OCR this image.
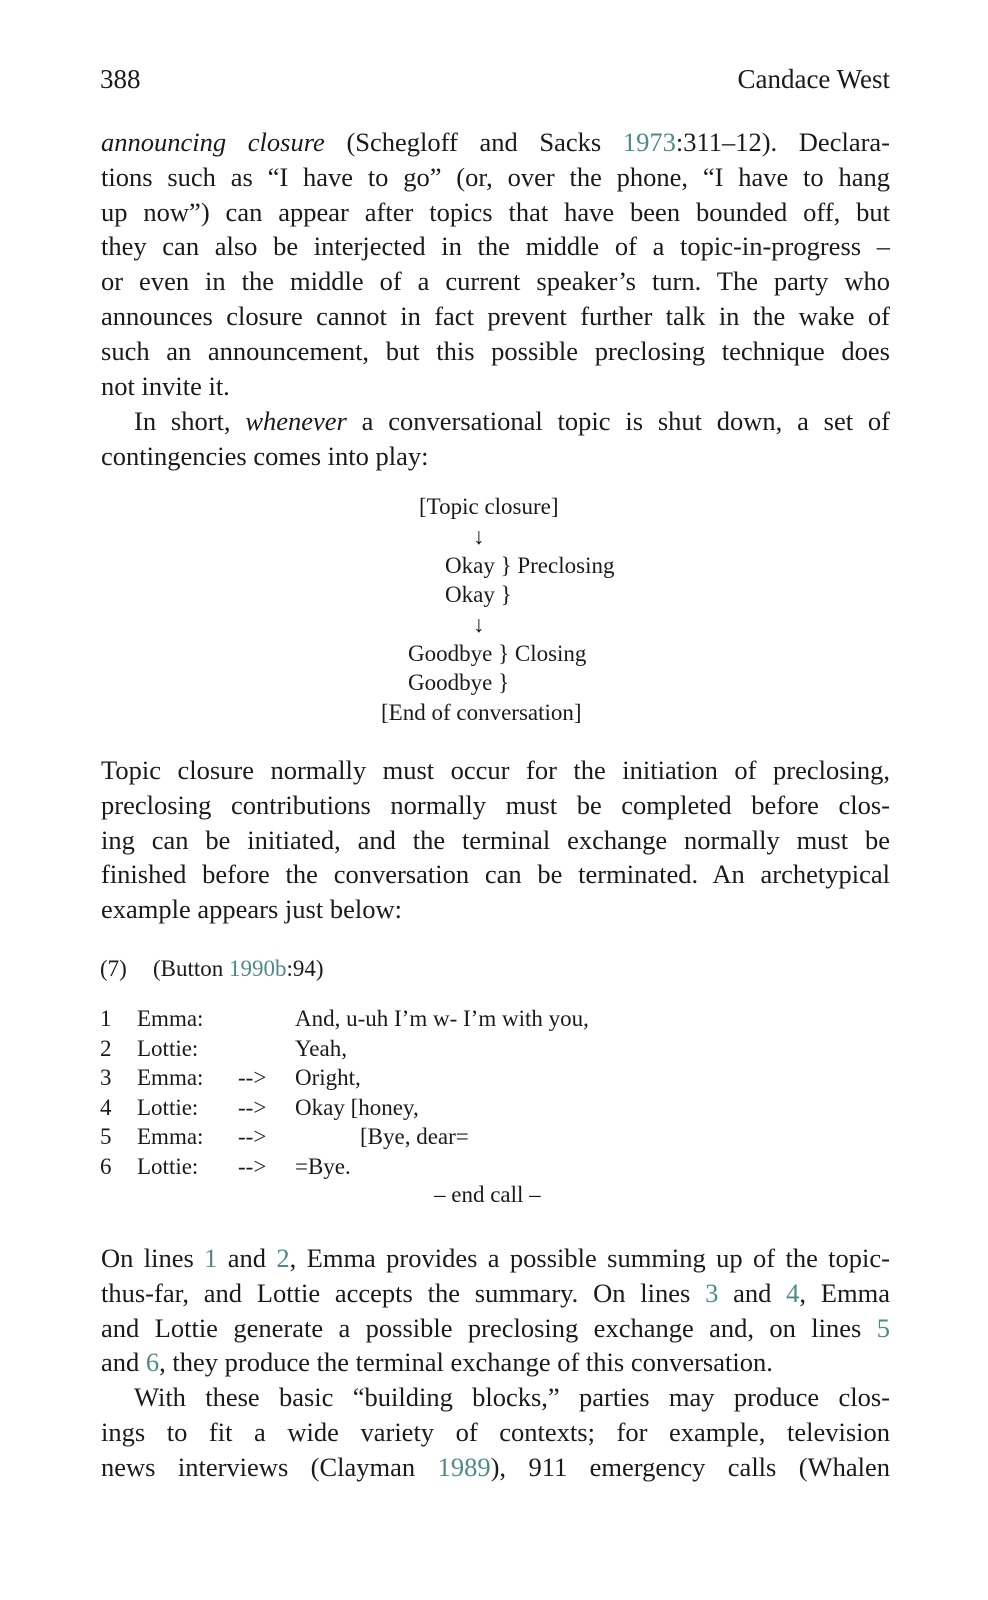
388	Candace West
announcing closure (Schegloff and Sacks 1973:311–12). Declara-
tions such as “I have to go” (or, over the phone, “I have to hang
up now”) can appear after topics that have been bounded off, but
they can also be interjected in the middle of a topic-in-progress –
or even in the middle of a current speaker’s turn. The party who
announces closure cannot in fact prevent further talk in the wake of
such an announcement, but this possible preclosing technique does
not invite it.
In short, whenever a conversational topic is shut down, a set of
contingencies comes into play:
[Topic closure]
↓
Okay } Preclosing
Okay }
↓
Goodbye } Closing
Goodbye }
[End of conversation]
Topic closure normally must occur for the initiation of preclosing,
preclosing contributions normally must be completed before clos-
ing can be initiated, and the terminal exchange normally must be
finished before the conversation can be terminated. An archetypical
example appears just below:
(7) (Button 1990b:94)
1 Emma:	And, u-uh I’m w- I’m with you,
2 Lottie:	Yeah,
3 Emma: --> Oright,
4 Lottie: --> Okay [honey,
5 Emma: -->	[Bye, dear=
6 Lottie: --> =Bye.
– end call –
On lines 1 and 2, Emma provides a possible summing up of the topic-
thus-far, and Lottie accepts the summary. On lines 3 and 4, Emma
and Lottie generate a possible preclosing exchange and, on lines 5
and 6, they produce the terminal exchange of this conversation.
With these basic “building blocks,” parties may produce clos-
ings to fit a wide variety of contexts; for example, television
news interviews (Clayman 1989), 911 emergency calls (Whalen
